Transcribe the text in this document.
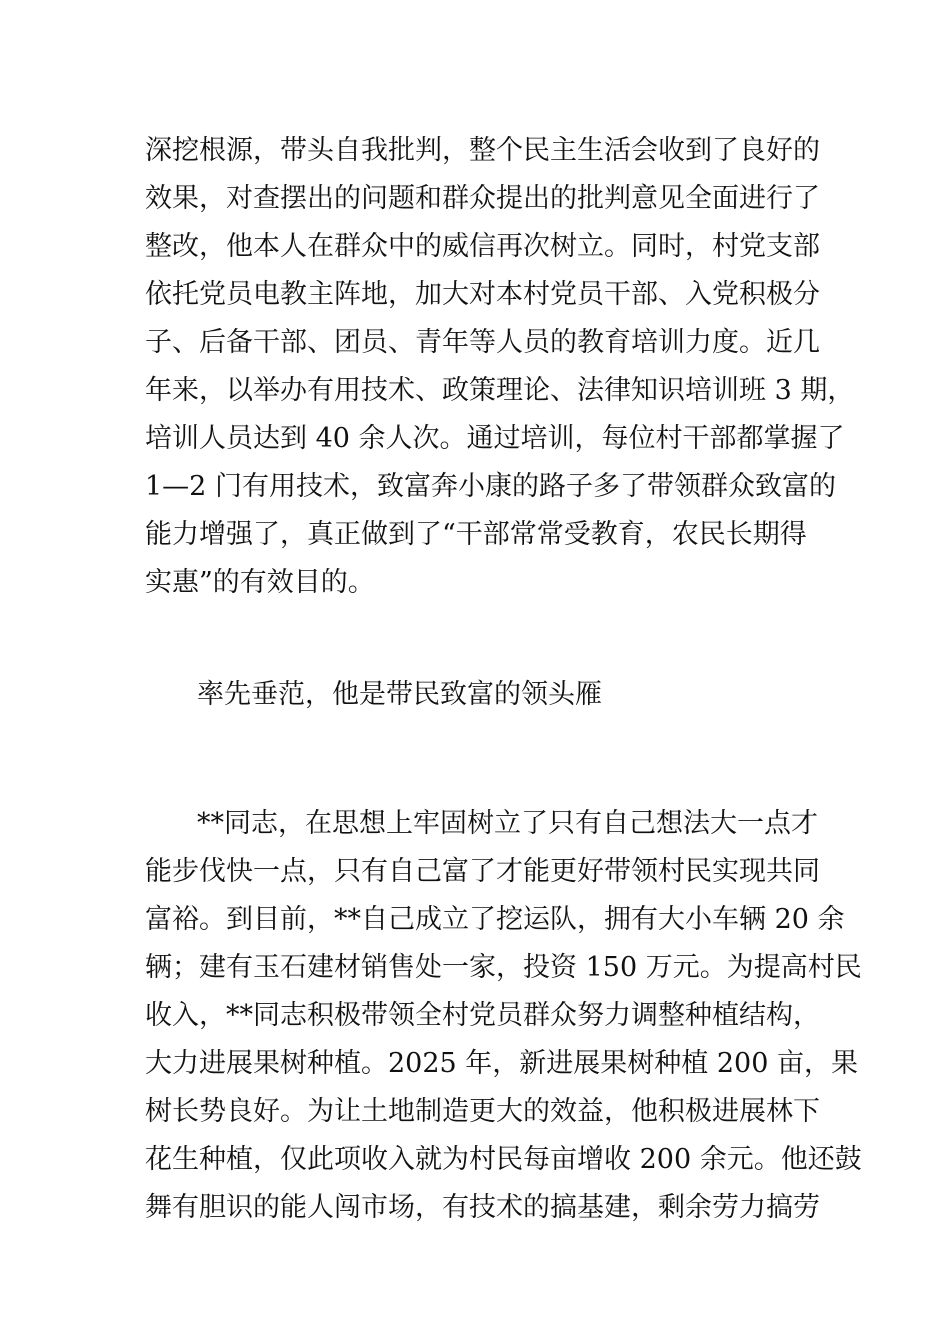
深挖根源，带头自我批判，整个民主生活会收到了良好的

效果，对查摆出的问题和群众提出的批判意见全面进行了

整改，他本人在群众中的威信再次树立。同时，村党支部

依托党员电教主阵地，加大对本村党员干部、入党积极分

子、后备干部、团员、青年等人员的教育培训力度。近几

年来，以举办有用技术、政策理论、法律知识培训班 3 期，

培训人员达到 40 余人次。通过培训，每位村干部都掌握了

1—2 门有用技术，致富奔小康的路子多了带领群众致富的

能力增强了，真正做到了“干部常常受教育，农民长期得

实惠”的有效目的。

率先垂范，他是带民致富的领头雁

**同志，在思想上牢固树立了只有自己想法大一点才

能步伐快一点，只有自己富了才能更好带领村民实现共同

富裕。到目前，**自己成立了挖运队，拥有大小车辆 20 余

辆；建有玉石建材销售处一家，投资 150 万元。为提高村民

收入，**同志积极带领全村党员群众努力调整种植结构，

大力进展果树种植。2025 年，新进展果树种植 200 亩，果

树长势良好。为让土地制造更大的效益，他积极进展林下

花生种植，仅此项收入就为村民每亩增收 200 余元。他还鼓

舞有胆识的能人闯市场，有技术的搞基建，剩余劳力搞劳
